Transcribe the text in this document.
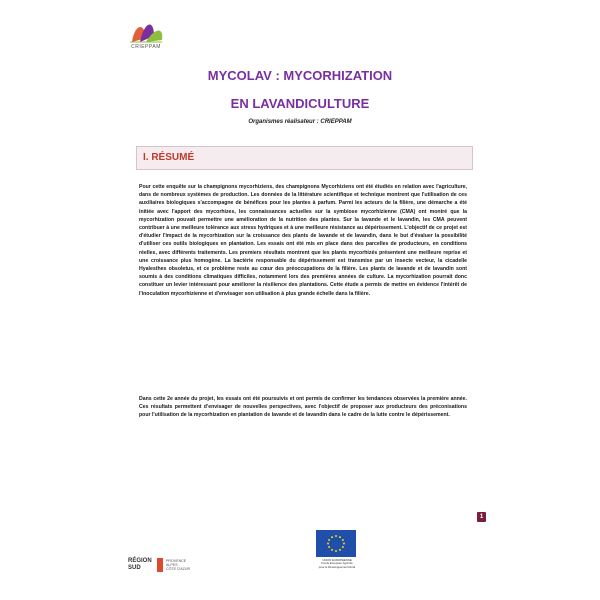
CRIEPPAM
MYCOLAV : MYCORHIZATION
EN LAVANDICULTURE
Organismes réalisateur : CRIEPPAM
I. RÉSUMÉ
Pour cette enquête sur la champignons mycorhiziens, des champignons Mycorhiziens ont été étudiés en relation avec l'agriculture, dans de nombreux systèmes de production. Les données de la littérature scientifique et technique montrent que l'utilisation de ces auxiliaires biologiques s'accompagne de bénéfices pour les plantes à parfum. Parmi les acteurs de la filière, une démarche a été initiée avec l'apport des mycorhizes, les connaissances actuelles sur la symbiose mycorhizienne (CMA) ont montré que la mycorhization pouvait permettre une amélioration de la nutrition des plantes. Sur la lavande et le lavandin, les CMA peuvent contribuer à une meilleure tolérance aux stress hydriques et à une meilleure résistance au dépérissement. L'objectif de ce projet est d'étudier l'impact de la mycorhization sur la croissance des plants de lavande et de lavandin, dans le but d'évaluer la possibilité d'utiliser ces outils biologiques en plantation. Les essais ont été mis en place dans des parcelles de producteurs, en conditions réelles, avec différents traitements. Les premiers résultats montrent que les plants mycorhizés présentent une meilleure reprise et une croissance plus homogène. La bactérie responsable du dépérissement est transmise par un insecte vecteur, la cicadelle Hyalesthes obsoletus, et ce problème reste au cœur des préoccupations de la filière. Les plants de lavande et de lavandin sont soumis à des conditions climatiques difficiles, notamment lors des premières années de culture. La mycorhization pourrait donc constituer un levier intéressant pour améliorer la résilience des plantations. Cette étude a permis de mettre en évidence l'intérêt de l'inoculation mycorhizienne et d'envisager son utilisation à plus grande échelle dans la filière.
Dans cette 2e année du projet, les essais ont été poursuivis et ont permis de confirmer les tendances observées la première année. Ces résultats permettent d'envisager de nouvelles perspectives, avec l'objectif de proposer aux producteurs des préconisations pour l'utilisation de la mycorhization en plantation de lavande et de lavandin dans le cadre de la lutte contre le dépérissement.
1
RÉGION
SUD
PROVENCE
ALPES
CÔTE D'AZUR
UNION EUROPÉENNE
Fonds Européen Agricole
pour le Développement Rural
